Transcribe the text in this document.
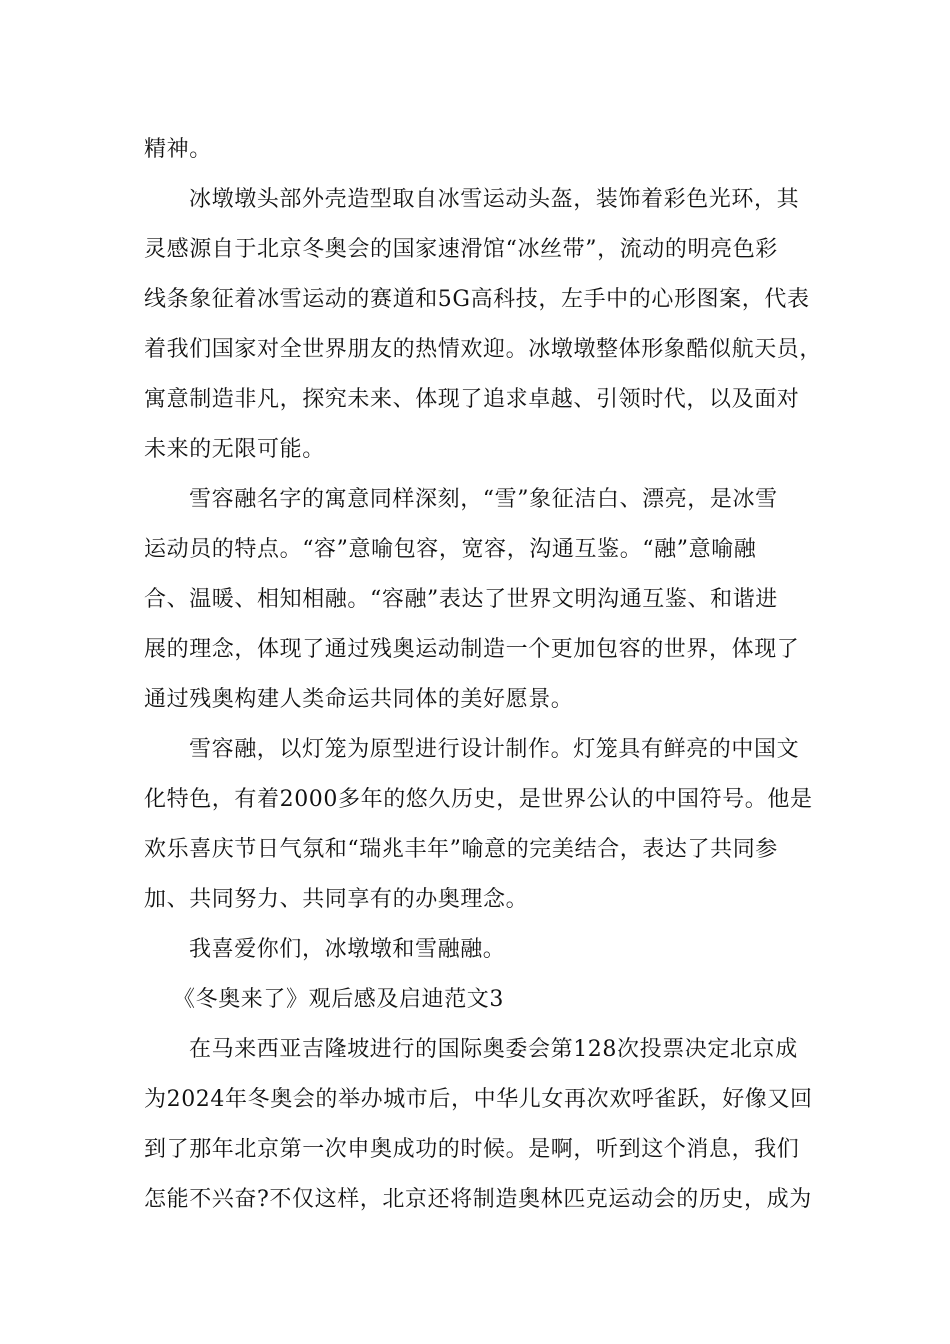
精神。
冰墩墩头部外壳造型取自冰雪运动头盔，装饰着彩色光环，其
灵感源自于北京冬奥会的国家速滑馆“冰丝带”，流动的明亮色彩
线条象征着冰雪运动的赛道和5G高科技，左手中的心形图案，代表
着我们国家对全世界朋友的热情欢迎。冰墩墩整体形象酷似航天员，
寓意制造非凡，探究未来、体现了追求卓越、引领时代，以及面对
未来的无限可能。
雪容融名字的寓意同样深刻，“雪”象征洁白、漂亮，是冰雪
运动员的特点。“容”意喻包容，宽容，沟通互鉴。“融”意喻融
合、温暖、相知相融。“容融”表达了世界文明沟通互鉴、和谐进
展的理念，体现了通过残奥运动制造一个更加包容的世界，体现了
通过残奥构建人类命运共同体的美好愿景。
雪容融，以灯笼为原型进行设计制作。灯笼具有鲜亮的中国文
化特色，有着2000多年的悠久历史，是世界公认的中国符号。他是
欢乐喜庆节日气氛和“瑞兆丰年”喻意的完美结合，表达了共同参
加、共同努力、共同享有的办奥理念。
我喜爱你们，冰墩墩和雪融融。
《冬奥来了》观后感及启迪范文3
在马来西亚吉隆坡进行的国际奥委会第128次投票决定北京成
为2024年冬奥会的举办城市后，中华儿女再次欢呼雀跃，好像又回
到了那年北京第一次申奥成功的时候。是啊，听到这个消息，我们
怎能不兴奋?不仅这样，北京还将制造奥林匹克运动会的历史，成为
